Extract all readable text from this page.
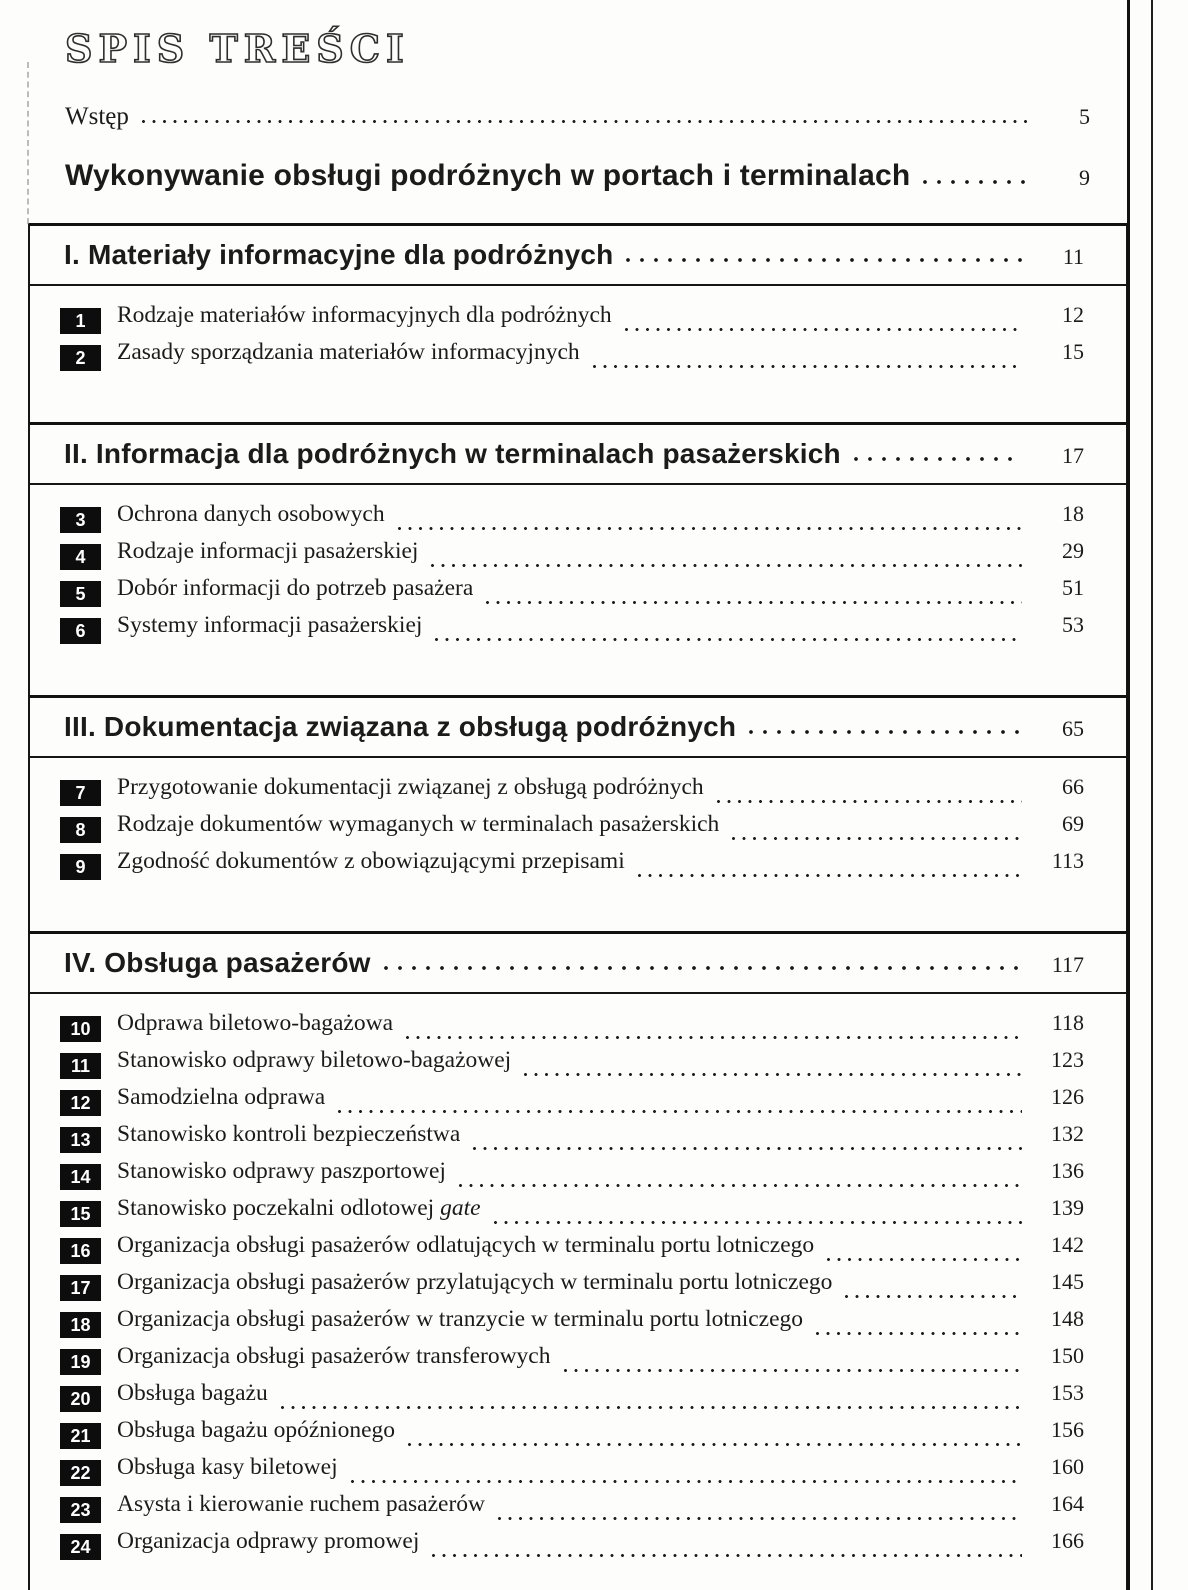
SPIS TREŚCI
Wstęp	5
Wykonywanie obsługi podróżnych w portach i terminalach	9
I. Materiały informacyjne dla podróżnych	11
1	Rodzaje materiałów informacyjnych dla podróżnych	12
2	Zasady sporządzania materiałów informacyjnych	15
II. Informacja dla podróżnych w terminalach pasażerskich	17
3	Ochrona danych osobowych	18
4	Rodzaje informacji pasażerskiej	29
5	Dobór informacji do potrzeb pasażera	51
6	Systemy informacji pasażerskiej	53
III. Dokumentacja związana z obsługą podróżnych	65
7	Przygotowanie dokumentacji związanej z obsługą podróżnych	66
8	Rodzaje dokumentów wymaganych w terminalach pasażerskich	69
9	Zgodność dokumentów z obowiązującymi przepisami	113
IV. Obsługa pasażerów	117
10	Odprawa biletowo-bagażowa	118
11	Stanowisko odprawy biletowo-bagażowej	123
12	Samodzielna odprawa	126
13	Stanowisko kontroli bezpieczeństwa	132
14	Stanowisko odprawy paszportowej	136
15	Stanowisko poczekalni odlotowej gate	139
16	Organizacja obsługi pasażerów odlatujących w terminalu portu lotniczego	142
17	Organizacja obsługi pasażerów przylatujących w terminalu portu lotniczego	145
18	Organizacja obsługi pasażerów w tranzycie w terminalu portu lotniczego	148
19	Organizacja obsługi pasażerów transferowych	150
20	Obsługa bagażu	153
21	Obsługa bagażu opóźnionego	156
22	Obsługa kasy biletowej	160
23	Asysta i kierowanie ruchem pasażerów	164
24	Organizacja odprawy promowej	166
